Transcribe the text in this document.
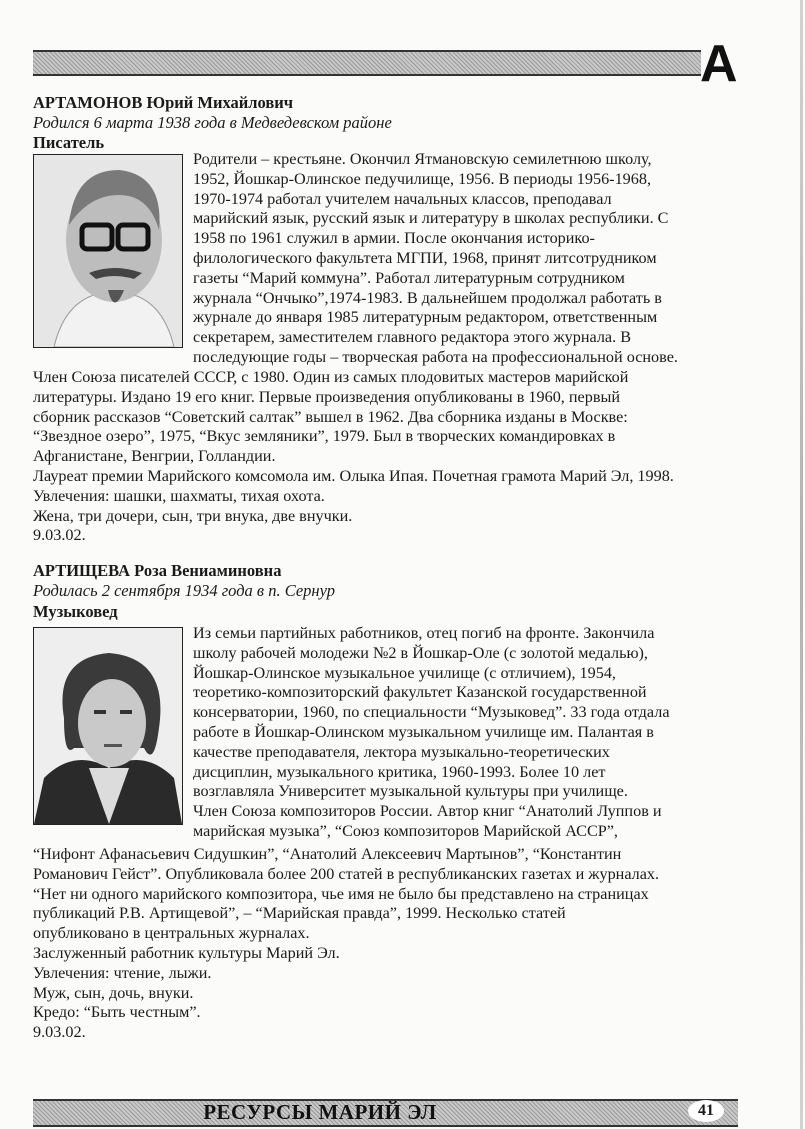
А
АРТАМОНОВ Юрий Михайлович
Родился 6 марта 1938 года в Медведевском районе
Писатель
Родители – крестьяне. Окончил Ятмановскую семилетнюю школу,
1952, Йошкар-Олинское педучилище, 1956. В периоды 1956-1968,
1970-1974 работал учителем начальных классов, преподавал
марийский язык, русский язык и литературу в школах республики. С
1958 по 1961 служил в армии. После окончания историко-
филологического факультета МГПИ, 1968, принят литсотрудником
газеты “Марий коммуна”. Работал литературным сотрудником
журнала “Ончыко”,1974-1983. В дальнейшем продолжал работать в
журнале до января 1985 литературным редактором, ответственным
секретарем, заместителем главного редактора этого журнала. В
последующие годы – творческая работа на профессиональной основе.
Член Союза писателей СССР, с 1980. Один из самых плодовитых мастеров марийской
литературы. Издано 19 его книг. Первые произведения опубликованы в 1960, первый
сборник рассказов “Советский салтак” вышел в 1962. Два сборника изданы в Москве:
“Звездное озеро”, 1975, “Вкус земляники”, 1979. Был в творческих командировках в
Афганистане, Венгрии, Голландии.
Лауреат премии Марийского комсомола им. Олыка Ипая. Почетная грамота Марий Эл, 1998.
Увлечения: шашки, шахматы, тихая охота.
Жена, три дочери, сын, три внука, две внучки.
9.03.02.
АРТИЩЕВА Роза Вениаминовна
Родилась 2 сентября 1934 года в п. Сернур
Музыковед
Из семьи партийных работников, отец погиб на фронте. Закончила
школу рабочей молодежи №2 в Йошкар-Оле (с золотой медалью),
Йошкар-Олинское музыкальное училище (с отличием), 1954,
теоретико-композиторский факультет Казанской государственной
консерватории, 1960, по специальности “Музыковед”. 33 года отдала
работе в Йошкар-Олинском музыкальном училище им. Палантая в
качестве преподавателя, лектора музыкально-теоретических
дисциплин, музыкального критика, 1960-1993. Более 10 лет
возглавляла Университет музыкальной культуры при училище.
Член Союза композиторов России. Автор книг “Анатолий Луппов и
марийская музыка”, “Союз композиторов Марийской АССР”,
“Нифонт Афанасьевич Сидушкин”, “Анатолий Алексеевич Мартынов”, “Константин
Романович Гейст”. Опубликовала более 200 статей в республиканских газетах и журналах.
“Нет ни одного марийского композитора, чье имя не было бы представлено на страницах
публикаций Р.В. Артищевой”, – “Марийская правда”, 1999. Несколько статей
опубликовано в центральных журналах.
Заслуженный работник культуры Марий Эл.
Увлечения: чтение, лыжи.
Муж, сын, дочь, внуки.
Кредо: “Быть честным”.
9.03.02.
РЕСУРСЫ МАРИЙ ЭЛ	41
